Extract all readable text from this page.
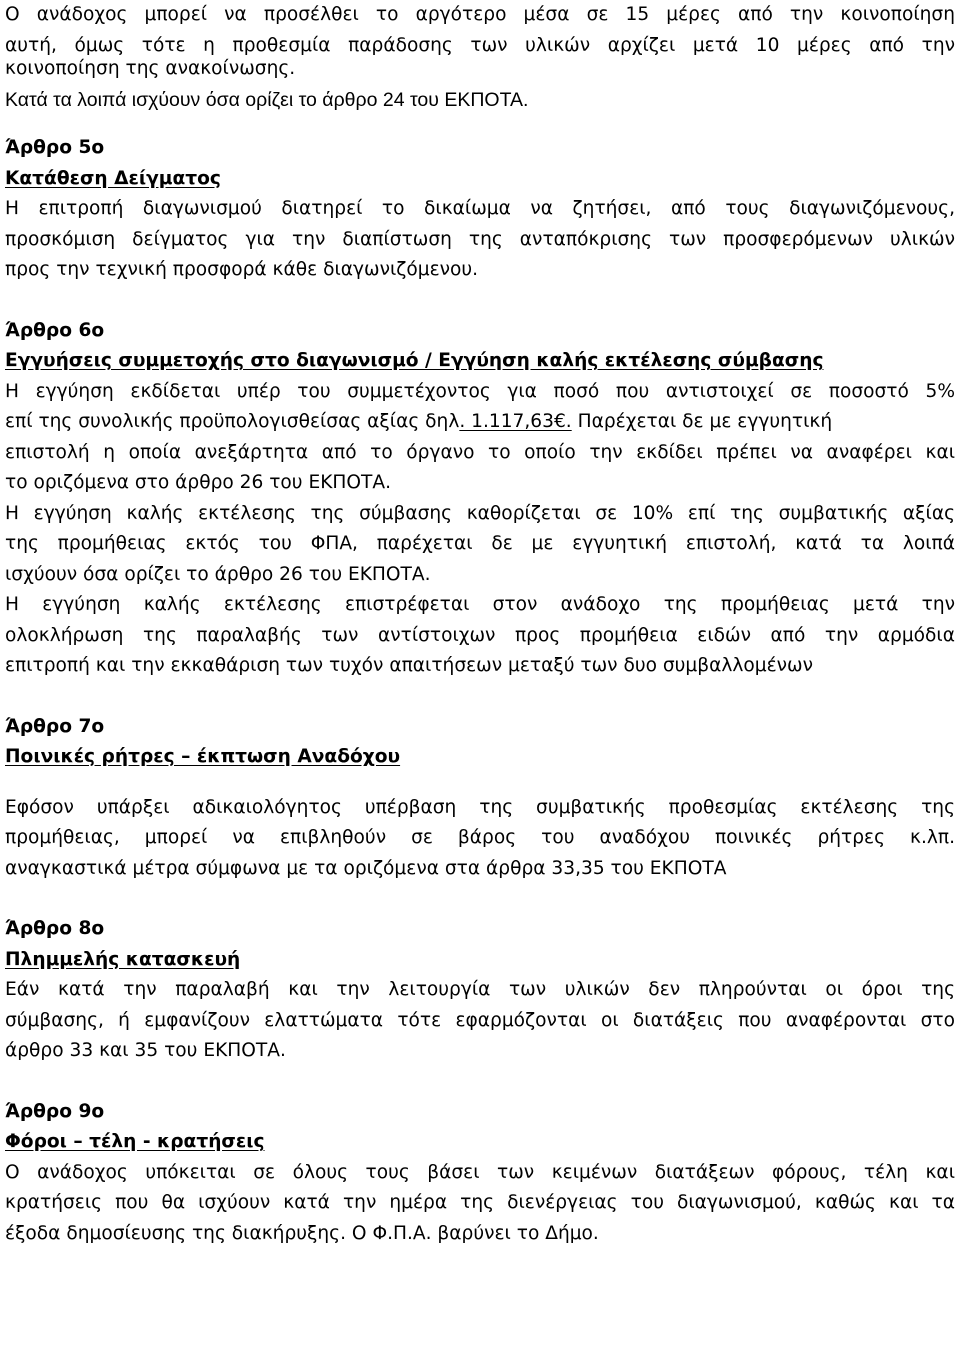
Ο ανάδοχος μπορεί να προσέλθει το αργότερο μέσα σε 15 μέρες από την κοινοποίηση
αυτή, όμως τότε η προθεσμία παράδοσης των υλικών αρχίζει μετά 10 μέρες από την
κοινοποίηση της ανακοίνωσης.
Κατά τα λοιπά ισχύουν όσα ορίζει το άρθρο 24 του ΕΚΠΟΤΑ.
Άρθρο 5ο
Κατάθεση Δείγματος
Η επιτροπή διαγωνισμού διατηρεί το δικαίωμα να ζητήσει, από τους διαγωνιζόμενους,
προσκόμιση δείγματος για την διαπίστωση της ανταπόκρισης των προσφερόμενων υλικών
προς την τεχνική προσφορά κάθε διαγωνιζόμενου.
Άρθρο 6ο
Εγγυήσεις συμμετοχής στο διαγωνισμό / Εγγύηση καλής εκτέλεσης σύμβασης
Η εγγύηση εκδίδεται υπέρ του συμμετέχοντος για ποσό που αντιστοιχεί σε ποσοστό 5%
επί της συνολικής προϋπολογισθείσας αξίας δηλ. 1.117,63€. Παρέχεται δε με εγγυητική
επιστολή η οποία ανεξάρτητα από το όργανο το οποίο την εκδίδει πρέπει να αναφέρει και
το οριζόμενα στο άρθρο 26 του ΕΚΠΟΤΑ.
Η εγγύηση καλής εκτέλεσης της σύμβασης καθορίζεται σε 10% επί της συμβατικής αξίας
της προμήθειας εκτός του ΦΠΑ, παρέχεται δε με εγγυητική επιστολή, κατά τα λοιπά
ισχύουν όσα ορίζει το άρθρο 26 του ΕΚΠΟΤΑ.
Η εγγύηση καλής εκτέλεσης επιστρέφεται στον ανάδοχο της προμήθειας μετά την
ολοκλήρωση της παραλαβής των αντίστοιχων προς προμήθεια ειδών από την αρμόδια
επιτροπή και την εκκαθάριση των τυχόν απαιτήσεων μεταξύ των δυο συμβαλλομένων
Άρθρο 7ο
Ποινικές ρήτρες – έκπτωση Αναδόχου
Εφόσον υπάρξει αδικαιολόγητος υπέρβαση της συμβατικής προθεσμίας εκτέλεσης της
προμήθειας, μπορεί να επιβληθούν σε βάρος του αναδόχου ποινικές ρήτρες κ.λπ.
αναγκαστικά μέτρα σύμφωνα με τα οριζόμενα στα άρθρα 33,35 του ΕΚΠΟΤΑ
Άρθρο 8ο
Πλημμελής κατασκευή
Εάν κατά την παραλαβή και την λειτουργία των υλικών δεν πληρούνται οι όροι της
σύμβασης, ή εμφανίζουν ελαττώματα τότε εφαρμόζονται οι διατάξεις που αναφέρονται στο
άρθρο 33 και 35 του ΕΚΠΟΤΑ.
Άρθρο 9ο
Φόροι – τέλη - κρατήσεις
Ο ανάδοχος υπόκειται σε όλους τους βάσει των κειμένων διατάξεων φόρους, τέλη και
κρατήσεις που θα ισχύουν κατά την ημέρα της διενέργειας του διαγωνισμού, καθώς και τα
έξοδα δημοσίευσης της διακήρυξης. Ο Φ.Π.Α. βαρύνει το Δήμο.
